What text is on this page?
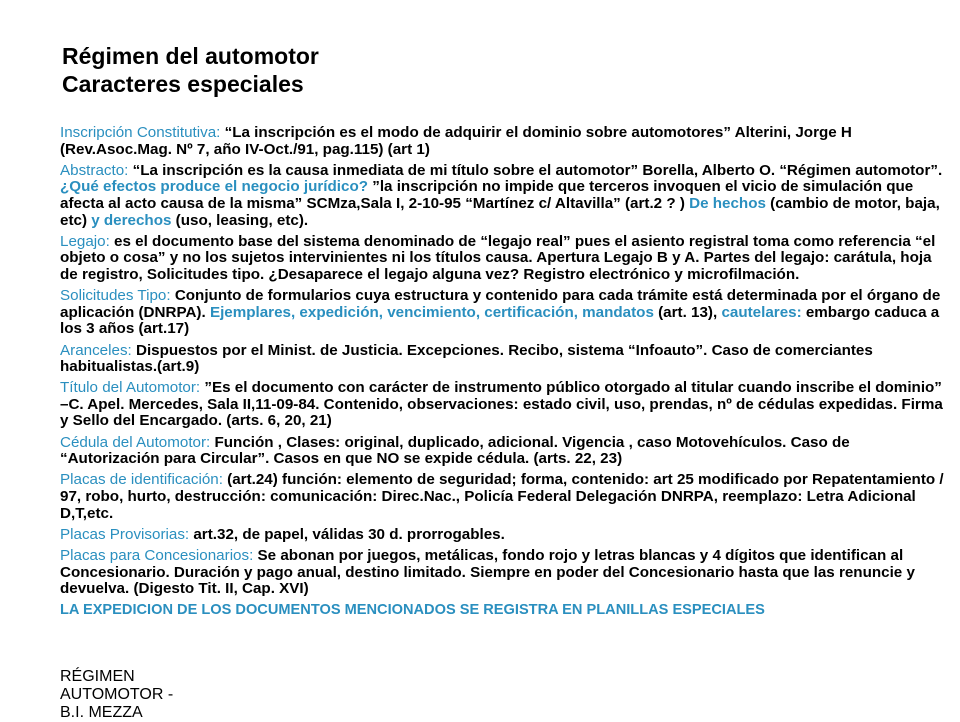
Régimen del automotor
Caracteres especiales

Inscripción Constitutiva: “La inscripción es el modo de adquirir el dominio sobre automotores” Alterini, Jorge H (Rev.Asoc.Mag. Nº 7, año IV-Oct./91, pag.115) (art 1)

Abstracto: “La inscripción es la causa inmediata de mi título sobre el automotor” Borella, Alberto O. “Régimen automotor”. ¿Qué efectos produce el negocio jurídico? ”la inscripción no impide que terceros invoquen el vicio de simulación que afecta al acto causa de la misma” SCMza,Sala I, 2-10-95 “Martínez c/ Altavilla” (art.2 ? ) De hechos (cambio de motor, baja, etc) y derechos (uso, leasing, etc).

Legajo: es el documento base del sistema denominado de “legajo real” pues el asiento registral toma como referencia “el objeto o cosa” y no los sujetos intervinientes ni los títulos causa. Apertura Legajo B y A. Partes del legajo: carátula, hoja de registro, Solicitudes tipo. ¿Desaparece el legajo alguna vez? Registro electrónico y microfilmación.

Solicitudes Tipo: Conjunto de formularios cuya estructura y contenido para cada trámite está determinada por el órgano de aplicación (DNRPA). Ejemplares, expedición, vencimiento, certificación, mandatos (art. 13), cautelares: embargo caduca a los 3 años (art.17)

Aranceles: Dispuestos por el Minist. de Justicia. Excepciones. Recibo, sistema “Infoauto”. Caso de comerciantes habitualistas.(art.9)

Título del Automotor: ”Es el documento con carácter de instrumento público otorgado al titular cuando inscribe el dominio” –C. Apel. Mercedes, Sala II,11-09-84. Contenido, observaciones: estado civil, uso, prendas, nº de cédulas expedidas. Firma y Sello del Encargado. (arts. 6, 20, 21)

Cédula del Automotor: Función , Clases: original, duplicado, adicional. Vigencia , caso Motovehículos. Caso de “Autorización para Circular”. Casos en que NO se expide cédula. (arts. 22, 23)

Placas de identificación: (art.24) función: elemento de seguridad; forma, contenido: art 25 modificado por Repatentamiento / 97, robo, hurto, destrucción: comunicación: Direc.Nac., Policía Federal Delegación DNRPA, reemplazo: Letra Adicional D,T,etc.

Placas Provisorias: art.32, de papel, válidas 30 d. prorrogables.

Placas para Concesionarios: Se abonan por juegos, metálicas, fondo rojo y letras blancas y 4 dígitos que identifican al Concesionario. Duración y pago anual, destino limitado. Siempre en poder del Concesionario hasta que las renuncie y devuelva. (Digesto Tit. II, Cap. XVI)

LA EXPEDICION DE LOS DOCUMENTOS MENCIONADOS SE REGISTRA EN PLANILLAS ESPECIALES

RÉGIMEN
AUTOMOTOR -
B.I. MEZZA
